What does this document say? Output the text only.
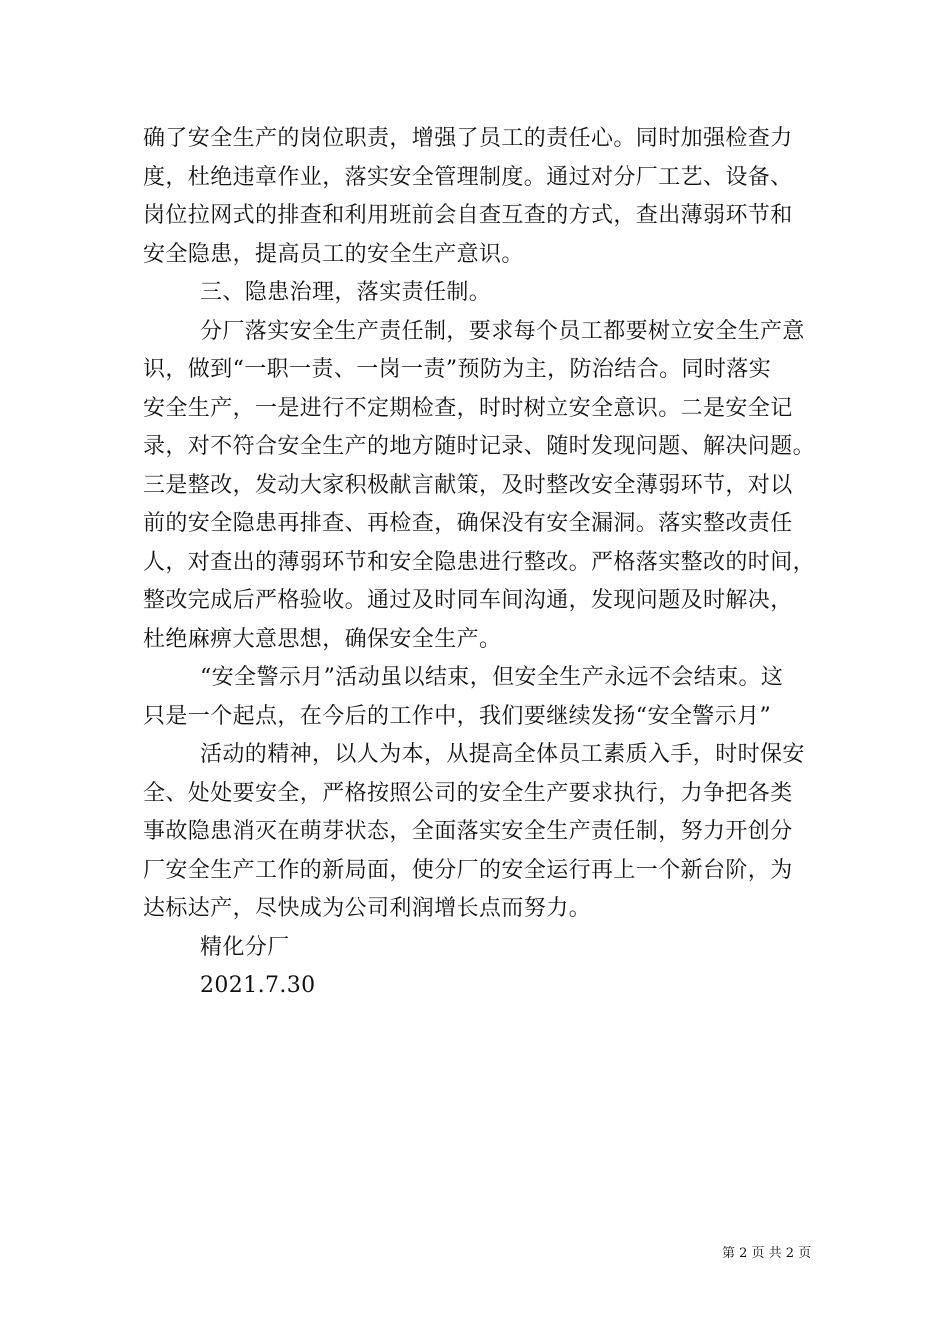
确了安全生产的岗位职责，增强了员工的责任心。同时加强检查力
度，杜绝违章作业，落实安全管理制度。通过对分厂工艺、设备、
岗位拉网式的排查和利用班前会自查互查的方式，查出薄弱环节和
安全隐患，提高员工的安全生产意识。
三、隐患治理，落实责任制。
分厂落实安全生产责任制，要求每个员工都要树立安全生产意
识，做到“一职一责、一岗一责”预防为主，防治结合。同时落实
安全生产，一是进行不定期检查，时时树立安全意识。二是安全记
录，对不符合安全生产的地方随时记录、随时发现问题、解决问题。
三是整改，发动大家积极献言献策，及时整改安全薄弱环节，对以
前的安全隐患再排查、再检查，确保没有安全漏洞。落实整改责任
人，对查出的薄弱环节和安全隐患进行整改。严格落实整改的时间，
整改完成后严格验收。通过及时同车间沟通，发现问题及时解决，
杜绝麻痹大意思想，确保安全生产。
“安全警示月”活动虽以结束，但安全生产永远不会结束。这
只是一个起点，在今后的工作中，我们要继续发扬“安全警示月”
活动的精神，以人为本，从提高全体员工素质入手，时时保安
全、处处要安全，严格按照公司的安全生产要求执行，力争把各类
事故隐患消灭在萌芽状态，全面落实安全生产责任制，努力开创分
厂安全生产工作的新局面，使分厂的安全运行再上一个新台阶，为
达标达产，尽快成为公司利润增长点而努力。
精化分厂
2021.7.30
第 2 页 共 2 页
